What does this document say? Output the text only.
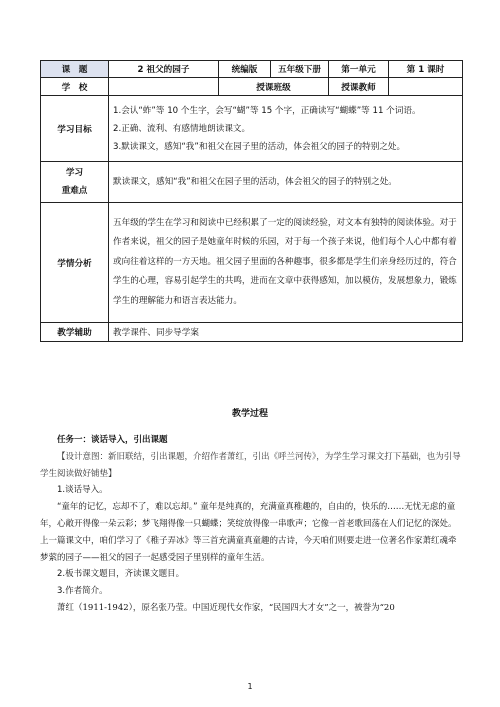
课　题	2 祖父的园子	统编版	五年级下册	第一单元	第 1 课时
学　校		授课班级		授课教师	
学习目标	1.会认“蚱”等 10 个生字，会写“蝴”等 15 个字，正确读写“蝴蝶”等 11 个词语。
2.正确、流利、有感情地朗读课文。
3.默读课文，感知“我”和祖父在园子里的活动，体会祖父的园子的特别之处。				

学习
重难点	默读课文，感知“我”和祖父在园子里的活动，体会祖父的园子的特别之处。				
学情分析	五年级的学生在学习和阅读中已经积累了一定的阅读经验，对文本有独特的阅读体验。对于作者来说，祖父的园子是她童年时候的乐园，对于每一个孩子来说，他们每个人心中都有着或向往着这样的一方天地。祖父园子里面的各种趣事，很多都是学生们亲身经历过的，符合学生的心理，容易引起学生的共鸣，进而在文章中获得感知，加以模仿，发展想象力，锻炼学生的理解能力和语言表达能力。				
教学辅助	教学课件、同步导学案				
教学过程

任务一：谈话导入，引出课题

【设计意图：新旧联结，引出课题，介绍作者萧红，引出《呼兰河传》，为学生学习课文打下基础，也为引导学生阅读做好铺垫】

1.谈话导入。

“童年的记忆，忘却不了，难以忘却。” 童年是纯真的，充满童真稚趣的，自由的，快乐的……无忧无虑的童年，心敞开得像一朵云彩；梦飞翔得像一只蝴蝶；笑绽放得像一串歌声；它像一首老歌回荡在人们记忆的深处。上一篇课文中，咱们学习了《稚子弄冰》等三首充满童真童趣的古诗，今天咱们则要走进一位著名作家萧红魂牵梦萦的园子——祖父的园子一起感受园子里别样的童年生活。

2.板书课文题目，齐读课文题目。

3.作者简介。

萧红（1911-1942），原名张乃莹。中国近现代女作家，“民国四大才女”之一，被誉为“20

1
